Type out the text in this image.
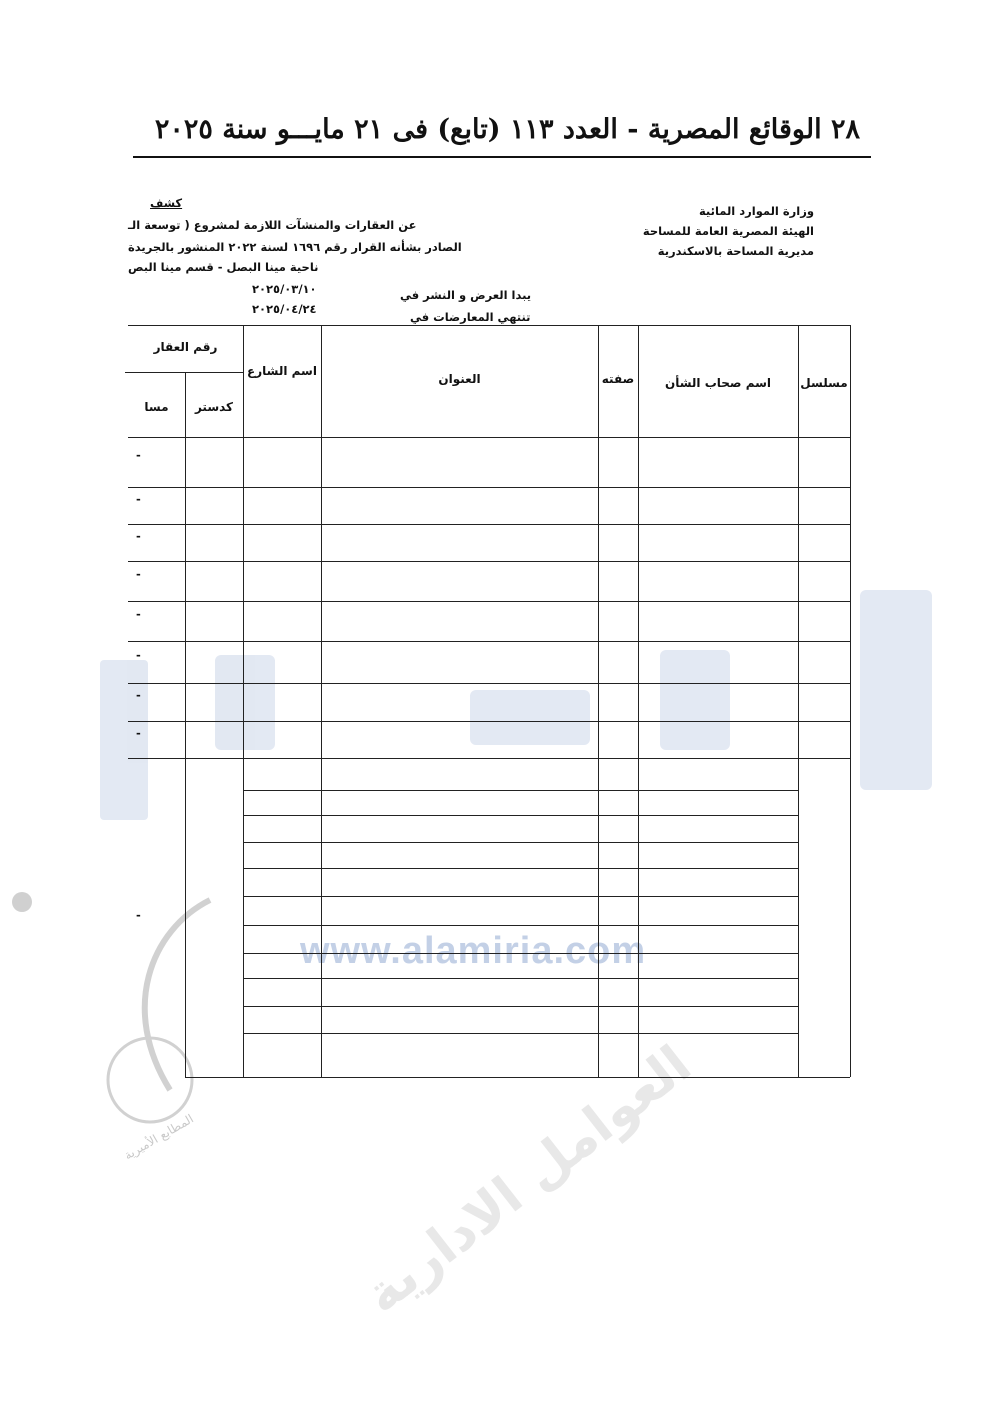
www.alamiria.com
المطابع الأميرية	العوامل الادارية
٢٨ الوقائع المصرية - العدد ١١٣ (تابع) فى ٢١ مايـــو سنة ٢٠٢٥
وزارة الموارد المائية
الهيئة المصرية العامة للمساحة
مديرية المساحة بالاسكندرية
كشف
عن العقارات والمنشآت اللازمة لمشروع ( توسعة الـ
الصادر بشأنه القرار رقم ١٦٩٦ لسنة ٢٠٢٢ المنشور بالجريدة
ناحية مينا البصل - قسم مينا البص
يبدا العرض و النشر في
٢٠٢٥/٠٣/١٠
تنتهي المعارضات في
٢٠٢٥/٠٤/٢٤
مسلسل
اسم صحاب الشأن
صفته
العنوان
اسم الشارع
رقم العقار
كدستر
مسا
-
-
-
-
-
-
-
-
-
